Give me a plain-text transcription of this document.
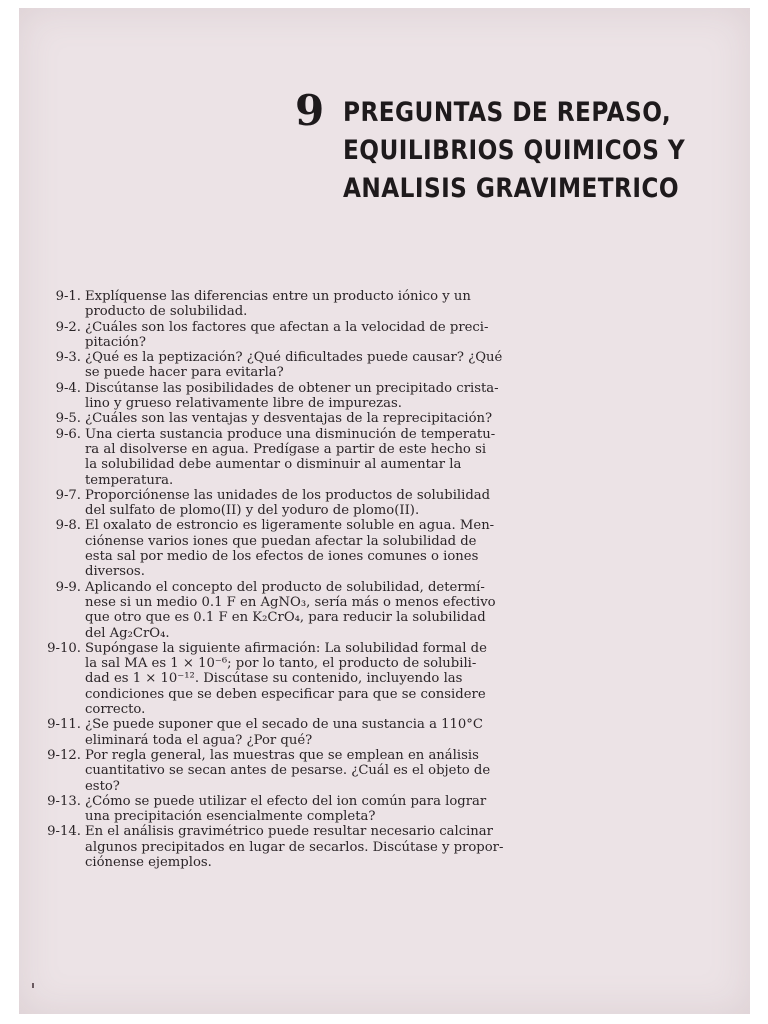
9 PREGUNTAS DE REPASO,
EQUILIBRIOS QUIMICOS Y
ANALISIS GRAVIMETRICO
9-1. Explíquense las diferencias entre un producto iónico y un
producto de solubilidad.
9-2. ¿Cuáles son los factores que afectan a la velocidad de preci-
pitación?
9-3. ¿Qué es la peptización? ¿Qué dificultades puede causar? ¿Qué
se puede hacer para evitarla?
9-4. Discútanse las posibilidades de obtener un precipitado crista-
lino y grueso relativamente libre de impurezas.
9-5. ¿Cuáles son las ventajas y desventajas de la reprecipitación?
9-6. Una cierta sustancia produce una disminución de temperatu-
ra al disolverse en agua. Predígase a partir de este hecho si
la solubilidad debe aumentar o disminuir al aumentar la
temperatura.
9-7. Proporciónense las unidades de los productos de solubilidad
del sulfato de plomo(II) y del yoduro de plomo(II).
9-8. El oxalato de estroncio es ligeramente soluble en agua. Men-
ciónense varios iones que puedan afectar la solubilidad de
esta sal por medio de los efectos de iones comunes o iones
diversos.
9-9. Aplicando el concepto del producto de solubilidad, determí-
nese si un medio 0.1 F en AgNO₃, sería más o menos efectivo
que otro que es 0.1 F en K₂CrO₄, para reducir la solubilidad
del Ag₂CrO₄.
9-10. Supóngase la siguiente afirmación: La solubilidad formal de
la sal MA es 1 × 10⁻⁶; por lo tanto, el producto de solubili-
dad es 1 × 10⁻¹². Discútase su contenido, incluyendo las
condiciones que se deben especificar para que se considere
correcto.
9-11. ¿Se puede suponer que el secado de una sustancia a 110°C
eliminará toda el agua? ¿Por qué?
9-12. Por regla general, las muestras que se emplean en análisis
cuantitativo se secan antes de pesarse. ¿Cuál es el objeto de
esto?
9-13. ¿Cómo se puede utilizar el efecto del ion común para lograr
una precipitación esencialmente completa?
9-14. En el análisis gravimétrico puede resultar necesario calcinar
algunos precipitados en lugar de secarlos. Discútase y propor-
ciónense ejemplos.
